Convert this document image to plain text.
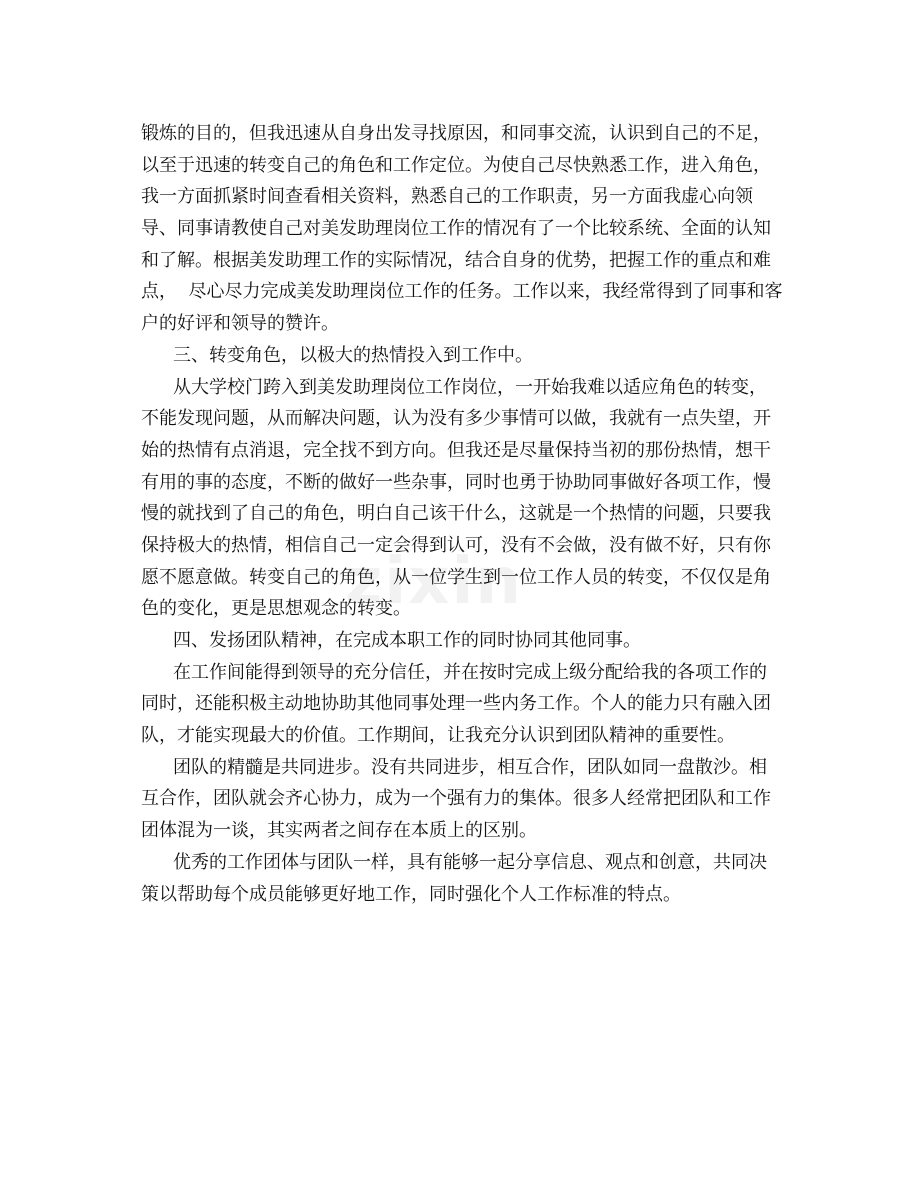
zixin
锻炼的目的，但我迅速从自身出发寻找原因，和同事交流，认识到自己的不足，
以至于迅速的转变自己的角色和工作定位。为使自己尽快熟悉工作，进入角色，
我一方面抓紧时间查看相关资料，熟悉自己的工作职责，另一方面我虚心向领
导、同事请教使自己对美发助理岗位工作的情况有了一个比较系统、全面的认知
和了解。根据美发助理工作的实际情况，结合自身的优势，把握工作的重点和难
点，  尽心尽力完成美发助理岗位工作的任务。工作以来，我经常得到了同事和客
户的好评和领导的赞许。
三、转变角色，以极大的热情投入到工作中。
从大学校门跨入到美发助理岗位工作岗位，一开始我难以适应角色的转变，
不能发现问题，从而解决问题，认为没有多少事情可以做，我就有一点失望，开
始的热情有点消退，完全找不到方向。但我还是尽量保持当初的那份热情，想干
有用的事的态度，不断的做好一些杂事，同时也勇于协助同事做好各项工作，慢
慢的就找到了自己的角色，明白自己该干什么，这就是一个热情的问题，只要我
保持极大的热情，相信自己一定会得到认可，没有不会做，没有做不好，只有你
愿不愿意做。转变自己的角色，从一位学生到一位工作人员的转变，不仅仅是角
色的变化，更是思想观念的转变。
四、发扬团队精神，在完成本职工作的同时协同其他同事。
在工作间能得到领导的充分信任，并在按时完成上级分配给我的各项工作的
同时，还能积极主动地协助其他同事处理一些内务工作。个人的能力只有融入团
队，才能实现最大的价值。工作期间，让我充分认识到团队精神的重要性。
团队的精髓是共同进步。没有共同进步，相互合作，团队如同一盘散沙。相
互合作，团队就会齐心协力，成为一个强有力的集体。很多人经常把团队和工作
团体混为一谈，其实两者之间存在本质上的区别。
优秀的工作团体与团队一样，具有能够一起分享信息、观点和创意，共同决
策以帮助每个成员能够更好地工作，同时强化个人工作标准的特点。
